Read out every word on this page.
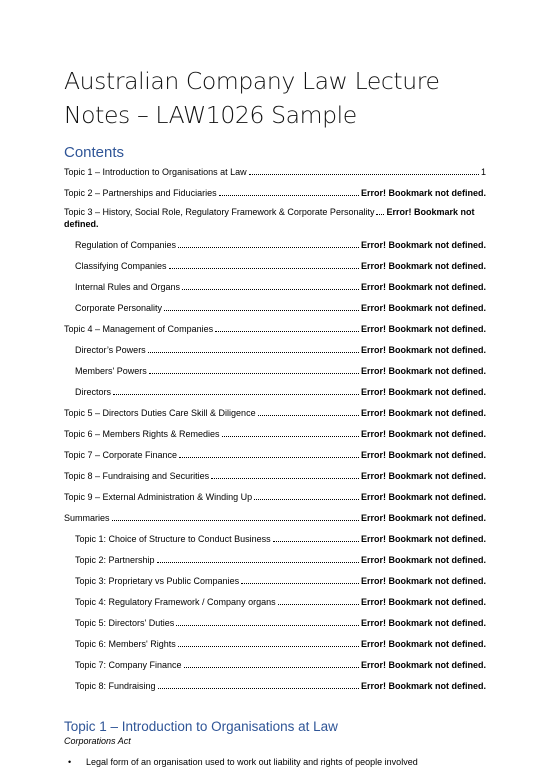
Australian Company Law Lecture Notes – LAW1026 Sample
Contents
Topic 1 – Introduction to Organisations at Law	1
Topic 2 – Partnerships and Fiduciaries	Error! Bookmark not defined.
Topic 3 – History, Social Role, Regulatory Framework & Corporate Personality Error! Bookmark not defined.
Regulation of Companies	Error! Bookmark not defined.
Classifying Companies	Error! Bookmark not defined.
Internal Rules and Organs	Error! Bookmark not defined.
Corporate Personality	Error! Bookmark not defined.
Topic 4 – Management of Companies	Error! Bookmark not defined.
Director’s Powers	Error! Bookmark not defined.
Members' Powers	Error! Bookmark not defined.
Directors	Error! Bookmark not defined.
Topic 5 – Directors Duties Care Skill & Diligence	Error! Bookmark not defined.
Topic 6 – Members Rights & Remedies	Error! Bookmark not defined.
Topic 7 – Corporate Finance	Error! Bookmark not defined.
Topic 8 – Fundraising and Securities	Error! Bookmark not defined.
Topic 9 – External Administration & Winding Up	Error! Bookmark not defined.
Summaries	Error! Bookmark not defined.
Topic 1: Choice of Structure to Conduct Business	Error! Bookmark not defined.
Topic 2: Partnership	Error! Bookmark not defined.
Topic 3: Proprietary vs Public Companies	Error! Bookmark not defined.
Topic 4: Regulatory Framework / Company organs	Error! Bookmark not defined.
Topic 5: Directors' Duties	Error! Bookmark not defined.
Topic 6: Members' Rights	Error! Bookmark not defined.
Topic 7: Company Finance	Error! Bookmark not defined.
Topic 8: Fundraising	Error! Bookmark not defined.
Topic 1 – Introduction to Organisations at Law
Corporations Act
• Legal form of an organisation used to work out liability and rights of people involved
